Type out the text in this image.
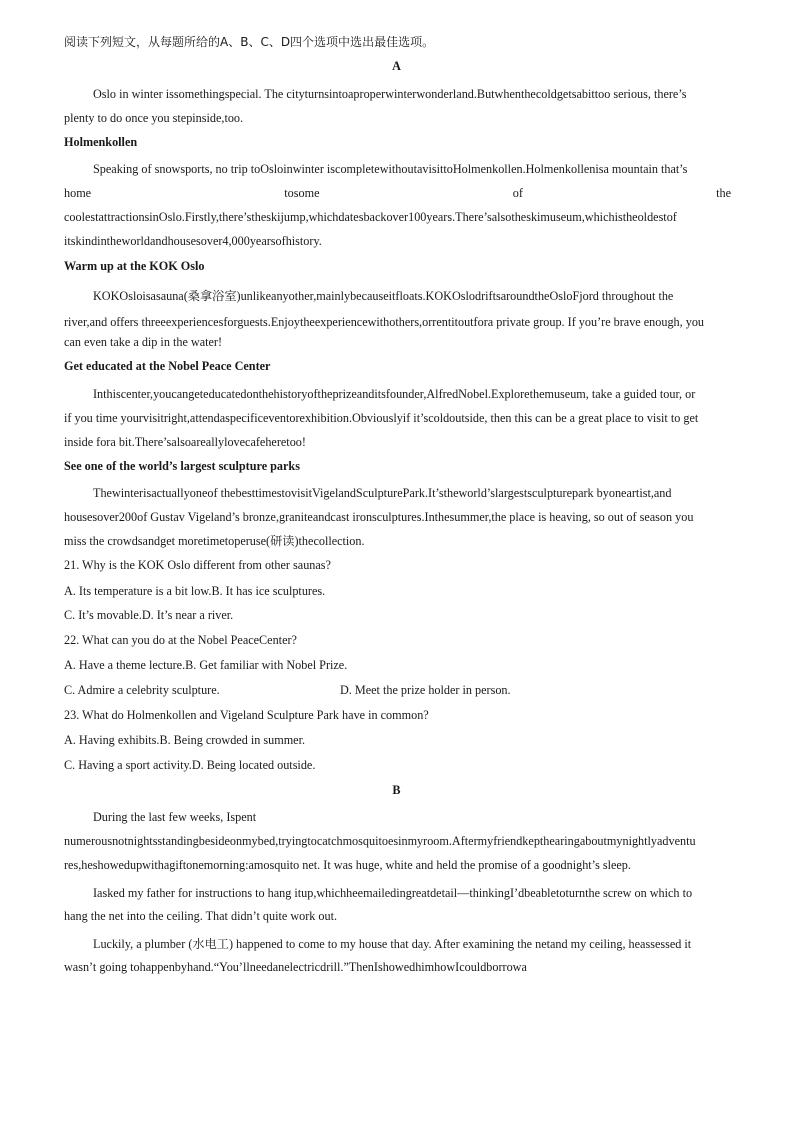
阅读下列短文，从每题所给的A、B、C、D四个选项中选出最佳选项。
A
Oslo in winter issomethingspecial. The cityturnsintoaproperwinterwonderland.Butwhenthecoldgetsabittoo serious, there’s
plenty to do once you stepinside,too.
Holmenkollen
Speaking of snowsports, no trip toOsloinwinter iscompletewithoutavisittoHolmenkollen.Holmenkollenisa mountain that’s
home tosome of the
coolestattractionsinOslo.Firstly,there’stheskijump,whichdatesbackover100years.There’salsotheskimuseum,whichistheoldestof
itskindintheworldandhousesover4,000yearsofhistory.
Warm up at the KOK Oslo
KOKOsloisasauna(桑拿浴室)unlikeanyother,mainlybecauseitfloats.KOKOslodriftsaroundtheOsloFjord throughout the
river,and offers threeexperiencesforguests.Enjoytheexperiencewithothers,orrentitoutfora private group. If you’re brave enough, you
can even take a dip in the water!
Get educated at the Nobel Peace Center
Inthiscenter,youcangeteducatedonthehistoryoftheprizeanditsfounder,AlfredNobel.Explorethemuseum, take a guided tour, or
if you time yourvisitright,attendaspecificeventorexhibition.Obviouslyif it’scoldoutside, then this can be a great place to visit to get
inside fora bit.There’salsoareallylovecafeheretoo!
See one of the world’s largest sculpture parks
Thewinterisactuallyoneof thebesttimestovisitVigelandSculpturePark.It’stheworld’slargestsculpturepark byoneartist,and
housesover200of Gustav Vigeland’s bronze,graniteandcast ironsculptures.Inthesummer,the place is heaving, so out of season you
miss the crowdsandget moretimetoperuse(研读)thecollection.
21. Why is the KOK Oslo different from other saunas?
A. Its temperature is a bit low.B. It has ice sculptures.
C. It’s movable.D. It’s near a river.
22. What can you do at the Nobel PeaceCenter?
A. Have a theme lecture.B. Get familiar with Nobel Prize.
C. Admire a celebrity sculpture.	D. Meet the prize holder in person.
23. What do Holmenkollen and Vigeland Sculpture Park have in common?
A. Having exhibits.B. Being crowded in summer.
C. Having a sport activity.D. Being located outside.
B
During the last few weeks, Ispent
numerousnotnightsstandingbesideonmybed,tryingtocatchmosquitoesinmyroom.Aftermyfriendkepthearingaboutmynightlyadventu
res,heshowedupwithagiftonemorning:amosquito net. It was huge, white and held the promise of a goodnight’s sleep.
Iasked my father for instructions to hang itup,whichheemailedingreatdetail—thinkingI’dbeabletoturnthe screw on which to
hang the net into the ceiling. That didn’t quite work out.
Luckily, a plumber (水电工) happened to come to my house that day. After examining the netand my ceiling, heassessed it
wasn’t going tohappenbyhand.“You’llneedanelectricdrill.”ThenIshowedhimhowIcouldborrowa
